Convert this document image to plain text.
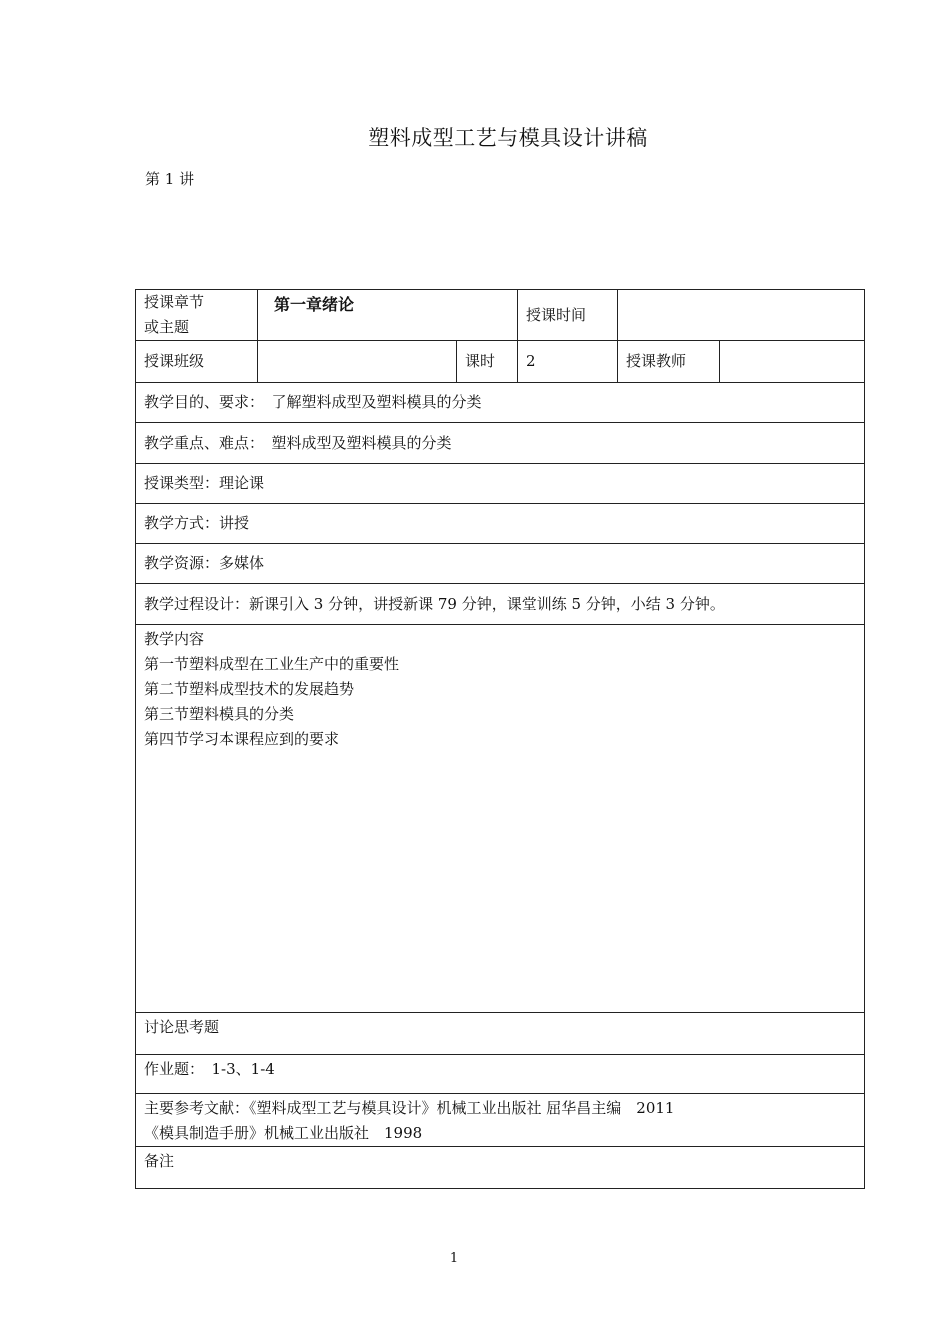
塑料成型工艺与模具设计讲稿
第 1 讲
授课章节
或主题	第一章绪论		授课时间		
授课班级		课时	2	授课教师	
教学目的、要求：　了解塑料成型及塑料模具的分类					
教学重点、难点：　塑料成型及塑料模具的分类					
授课类型：理论课					
教学方式：讲授					
教学资源：多媒体					
教学过程设计：新课引入 3 分钟，讲授新课 79 分钟，课堂训练 5 分钟，小结 3 分钟。					

教学内容
第一节塑料成型在工业生产中的重要性
第二节塑料成型技术的发展趋势
第三节塑料模具的分类
第四节学习本课程应到的要求					

讨论思考题					
作业题：　1-3、1-4					

主要参考文献：《塑料成型工艺与模具设计》机械工业出版社 屈华昌主编　2011
《模具制造手册》机械工业出版社　1998					

备注					
1
